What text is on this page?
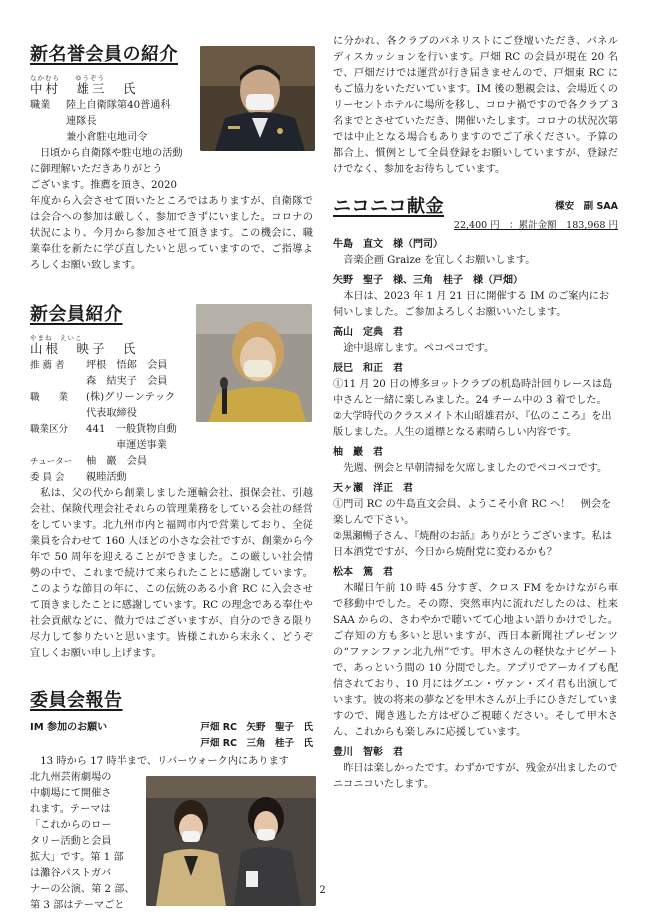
新名誉会員の紹介
なかむら　　ゆうぞう
中村　雄三　氏
職業	陸上自衛隊第40普通科
連隊長
兼小倉駐屯地司令
日頃から自衛隊や駐屯地の活動
に御理解いただきありがとう
ございます。推薦を頂き、2020
年度から入会させて頂いたところではありますが、自衛隊では会合への参加は厳しく、参加できずにいました。コロナの状況により、今月から参加させて頂きます。この機会に、職業奉仕を新たに学び直したいと思っていますので、ご指導よろしくお願い致します。
新会員紹介
やまね　えいこ
山根　映子　氏
推 薦 者	坪根　悟郎　会員
森　結実子　会員
職　　業	(株)グリーンテック
代表取締役
職業区分	441　一般貨物自動
車運送事業
チューター	柚　巖　会員
委 員 会	親睦活動
私は、父の代から創業しました運輸会社、損保会社、引越会社、保険代理会社それらの管理業務をしている会社の経営をしています。北九州市内と福岡市内で営業しており、全従業員を合わせて 160 人ほどの小さな会社ですが、創業から今年で 50 周年を迎えることができました。この厳しい社会情勢の中で、これまで続けて来られたことに感謝しています。このような節目の年に、この伝統のある小倉 RC に入会させて頂きましたことに感謝しています。RC の理念である奉仕や社会貢献などに、微力ではございますが、自分のできる限り尽力して参りたいと思います。皆様これから末永く、どうぞ宜しくお願い申し上げます。
委員会報告
IM 参加のお願い	戸畑 RC　矢野　聖子　氏
戸畑 RC　三角　桂子　氏
13 時から 17 時半まで、リバーウォーク内にあります
北九州芸術劇場の
中劇場にて開催さ
れます。テーマは
「これからのロー
タリー活動と会員
拡大」です。第 1 部
は灘谷パストガバ
ナーの公演、第 2 部、
第 3 部はテーマごと
に分かれ、各クラブのパネリストにご登壇いただき、パネルディスカッションを行います。戸畑 RC の会員が現在 20 名で、戸畑だけでは運営が行き届きませんので、戸畑東 RC にもご協力をいただいています。IM 後の懇親会は、会場近くのリーセントホテルに場所を移し、コロナ禍ですので各クラブ 3 名までとさせていただき、開催いたします。コロナの状況次第では中止となる場合もありますのでご了承ください。予算の都合上、慣例として全員登録をお願いしていますが、登録だけでなく、参加をお待ちしています。
ニコニコ献金	楪安　副 SAA
22,400 円　：累計金額　183,968 円
牛島　直文　様（門司）
音楽企画 Graize を宜しくお願いします。
矢野　聖子　様、三角　桂子　様（戸畑）
本日は、2023 年 1 月 21 日に開催する IM のご案内にお伺いしました。ご参加よろしくお願いいたします。
高山　定典　君
途中退席します。ペコペコです。
辰巳　和正　君
①11 月 20 日の博多ヨットクラブの机島時計回りレースは島中さんと一緒に楽しみました。24 チーム中の 3 着でした。
②大学時代のクラスメイト木山昭雄君が、『仏のこころ』を出版しました。人生の道標となる素晴らしい内容です。
柚　巖　君
先週、例会と早朝清掃を欠席しましたのでペコペコです。
天ヶ瀬　洋正　君
①門司 RC の牛島直文会員、ようこそ小倉 RC へ！　例会を楽しんで下さい。
②黒瀬暢子さん、『焼酎のお話』ありがとうございます。私は日本酒党ですが、今日から焼酎党に変わるかも？
松本　篤　君
木曜日午前 10 時 45 分すぎ、クロス FM をかけながら車で移動中でした。その際、突然車内に流れだしたのは、杜来 SAA からの、さわやかで聴いてて心地よい語りかけでした。ご存知の方も多いと思いますが、西日本新聞社プレゼンツの“ファンファン北九州”です。甲木さんの軽快なナビゲートで、あっという間の 10 分間でした。アプリでアーカイブも配信されており、10 月にはグエン・ヴァン・ズイ君も出演しています。彼の将来の夢などを甲木さんが上手にひきだしていますので、聞き逃した方はぜひご視聴ください。そして甲木さん、これからも楽しみに応援しています。
豊川　智彰　君
昨日は楽しかったです。わずかですが、残金が出ましたのでニコニコいたします。
2
